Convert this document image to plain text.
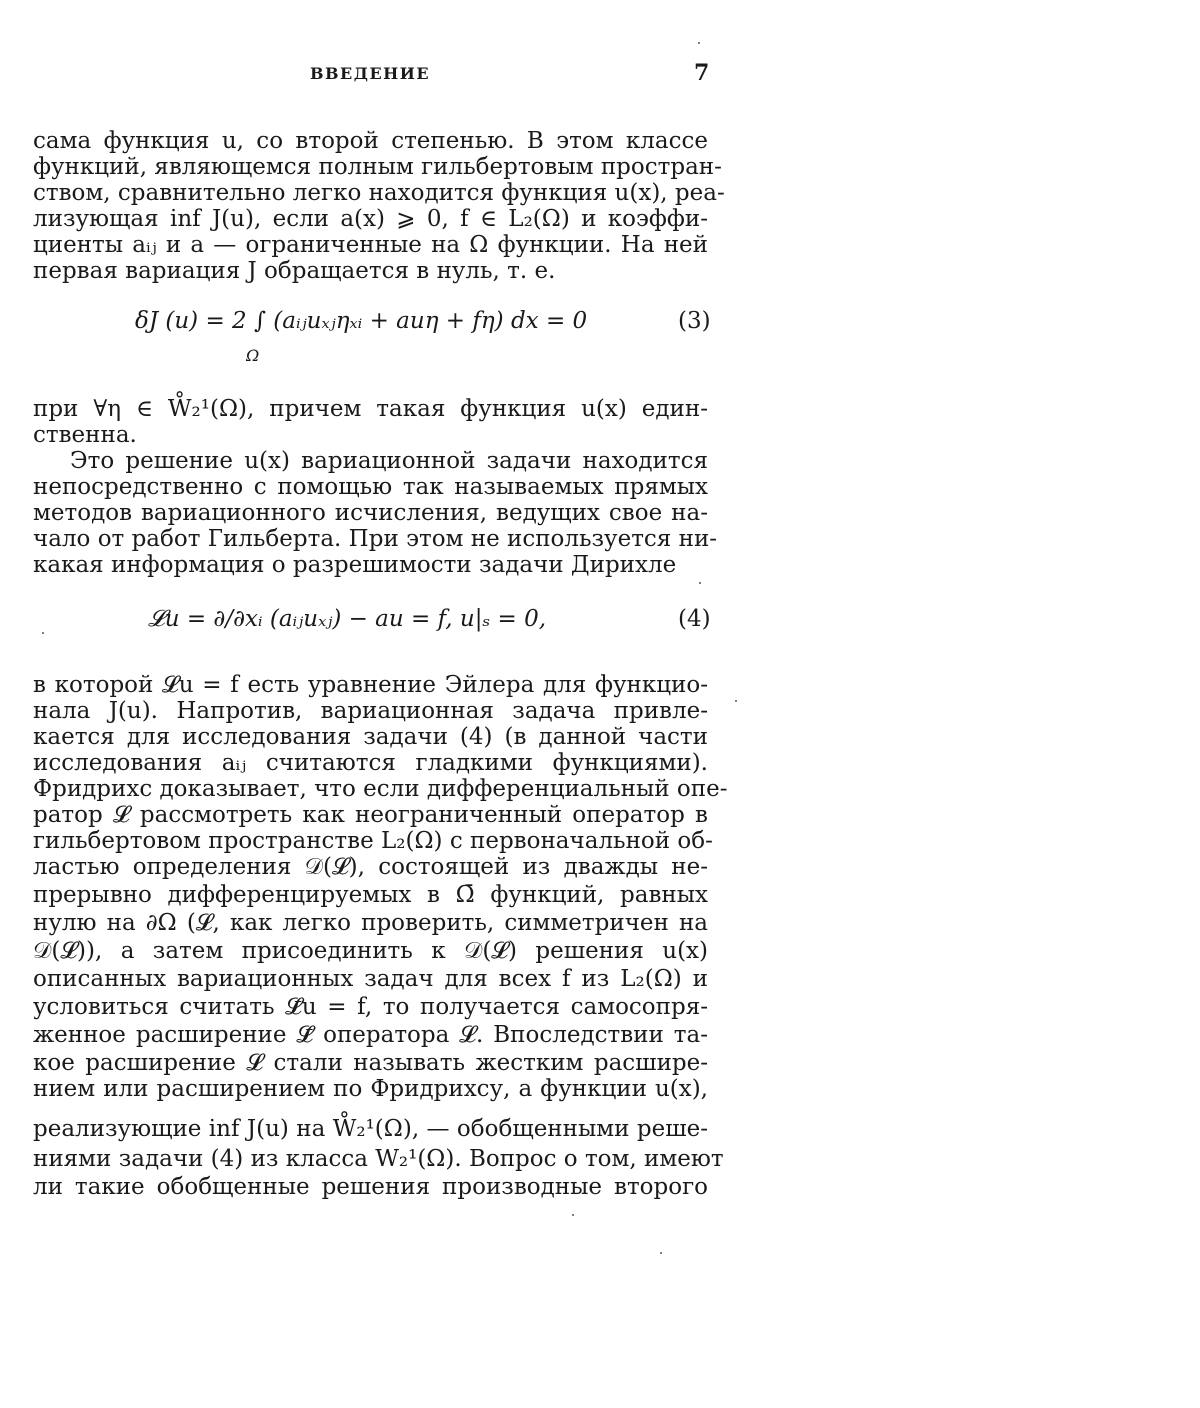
ВВЕДЕНИЕ	7
сама функция u, со второй степенью. В этом классе
функций, являющемся полным гильбертовым простран-
ством, сравнительно легко находится функция u(x), реа-
лизующая inf J(u), если a(x) ⩾ 0, f ∈ L₂(Ω) и коэффи-
циенты aᵢⱼ и a — ограниченные на Ω функции. На ней
первая вариация J обращается в нуль, т. е.
δJ (u) = 2 ∫ (aᵢⱼuₓⱼηₓᵢ + auη + fη) dx = 0
Ω
(3)
при ∀η ∈ W̊₂¹(Ω), причем такая функция u(x) един-
ственна.
Это решение u(x) вариационной задачи находится
непосредственно с помощью так называемых прямых
методов вариационного исчисления, ведущих свое на-
чало от работ Гильберта. При этом не используется ни-
какая информация о разрешимости задачи Дирихле
𝓛u = ∂/∂xᵢ (aᵢⱼuₓⱼ) − au = f, u|ₛ = 0,	(4)
в которой 𝓛u = f есть уравнение Эйлера для функцио-
нала J(u). Напротив, вариационная задача привле-
кается для исследования задачи (4) (в данной части
исследования aᵢⱼ считаются гладкими функциями).
Фридрихс доказывает, что если дифференциальный опе-
ратор 𝓛 рассмотреть как неограниченный оператор в
гильбертовом пространстве L₂(Ω) с первоначальной об-
ластью определения 𝒟(𝓛), состоящей из дважды не-
прерывно дифференцируемых в Ω̄ функций, равных
нулю на ∂Ω (𝓛, как легко проверить, симметричен на
𝒟(𝓛)), а затем присоединить к 𝒟(𝓛) решения u(x)
описанных вариационных задач для всех f из L₂(Ω) и
условиться считать 𝓛̄u = f, то получается самосопря-
женное расширение 𝓛̄ оператора 𝓛. Впоследствии та-
кое расширение 𝓛 стали называть жестким расшире-
нием или расширением по Фридрихсу, а функции u(x),
реализующие inf J(u) на W̊₂¹(Ω), — обобщенными реше-
ниями задачи (4) из класса W₂¹(Ω). Вопрос о том, имеют
ли такие обобщенные решения производные второго
